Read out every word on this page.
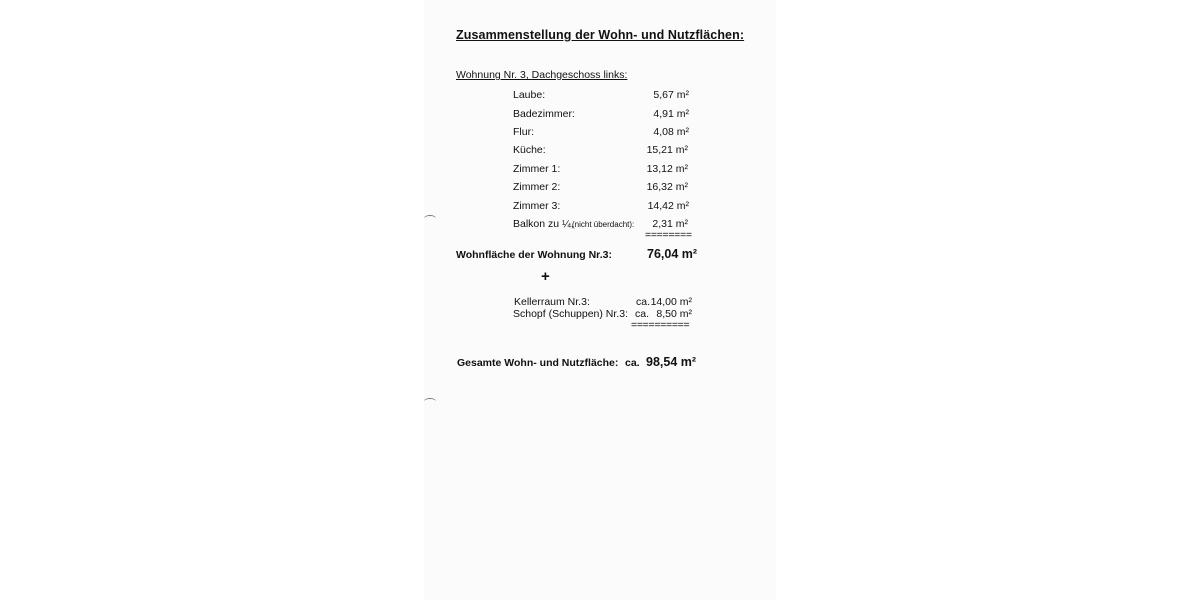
Zusammenstellung der Wohn- und Nutzflächen:
Wohnung Nr. 3, Dachgeschoss links:
Laube:	5,67 m²
Badezimmer:	4,91 m²
Flur:	4,08 m²
Küche:	15,21 m²
Zimmer 1:	13,12 m²
Zimmer 2:	16,32 m²
Zimmer 3:	14,42 m²
Balkon zu ¼,
(nicht überdacht):	2,31 m²
========
Wohnfläche der Wohnung Nr.3:	76,04 m²
+
Kellerraum Nr.3:	ca. 14,00 m²
Schopf (Schuppen) Nr.3: ca. 8,50 m²
==========
Gesamte Wohn- und Nutzfläche: ca. 98,54 m²
